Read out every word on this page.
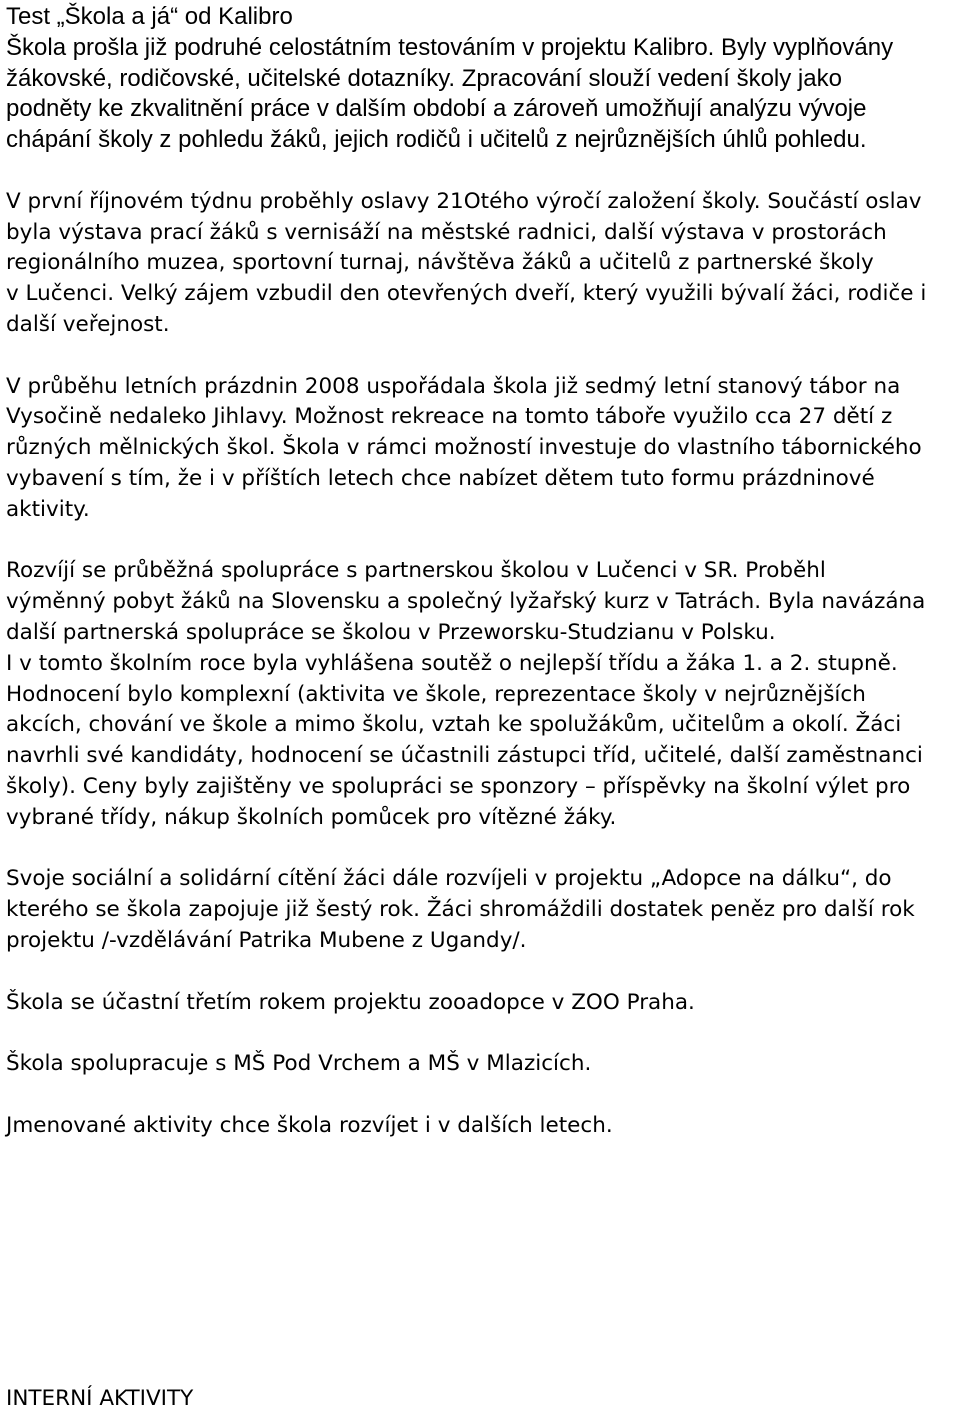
Test „Škola a já“ od Kalibro
Škola prošla již podruhé celostátním testováním v projektu Kalibro. Byly vyplňovány
žákovské, rodičovské, učitelské dotazníky. Zpracování slouží vedení školy jako
podněty ke zkvalitnění práce v dalším období a zároveň umožňují analýzu vývoje
chápání školy z pohledu žáků, jejich rodičů i učitelů z nejrůznějších úhlů pohledu.
V první říjnovém týdnu proběhly oslavy 21Otého výročí založení školy. Součástí oslav
byla výstava prací žáků s vernisáží na městské radnici, další výstava v prostorách
regionálního muzea, sportovní turnaj, návštěva žáků a učitelů z partnerské školy
v Lučenci. Velký zájem vzbudil den otevřených dveří, který využili bývalí žáci, rodiče i
další veřejnost.
V průběhu letních prázdnin 2008 uspořádala škola již sedmý letní stanový tábor na
Vysočině nedaleko Jihlavy. Možnost rekreace na tomto táboře využilo cca 27 dětí z
různých mělnických škol. Škola v rámci možností investuje do vlastního tábornického
vybavení s tím, že i v příštích letech chce nabízet dětem tuto formu prázdninové
aktivity.
Rozvíjí se průběžná spolupráce s partnerskou školou v Lučenci v SR. Proběhl
výměnný pobyt žáků na Slovensku a společný lyžařský kurz v Tatrách. Byla navázána
další partnerská spolupráce se školou v Przeworsku-Studzianu v Polsku.
I v tomto školním roce byla vyhlášena soutěž o nejlepší třídu a žáka 1. a 2. stupně.
Hodnocení bylo komplexní (aktivita ve škole, reprezentace školy v nejrůznějších
akcích, chování ve škole a mimo školu, vztah ke spolužákům, učitelům a okolí. Žáci
navrhli své kandidáty, hodnocení se účastnili zástupci tříd, učitelé, další zaměstnanci
školy). Ceny byly zajištěny ve spolupráci se sponzory – příspěvky na školní výlet pro
vybrané třídy, nákup školních pomůcek pro vítězné žáky.
Svoje sociální a solidární cítění žáci dále rozvíjeli v projektu „Adopce na dálku“, do
kterého se škola zapojuje již šestý rok. Žáci shromáždili dostatek peněz pro další rok
projektu /-vzdělávání Patrika Mubene z Ugandy/.
Škola se účastní třetím rokem projektu zooadopce v ZOO Praha.
Škola spolupracuje s MŠ Pod Vrchem a MŠ v Mlazicích.
Jmenované aktivity chce škola rozvíjet i v dalších letech.
INTERNÍ AKTIVITY
